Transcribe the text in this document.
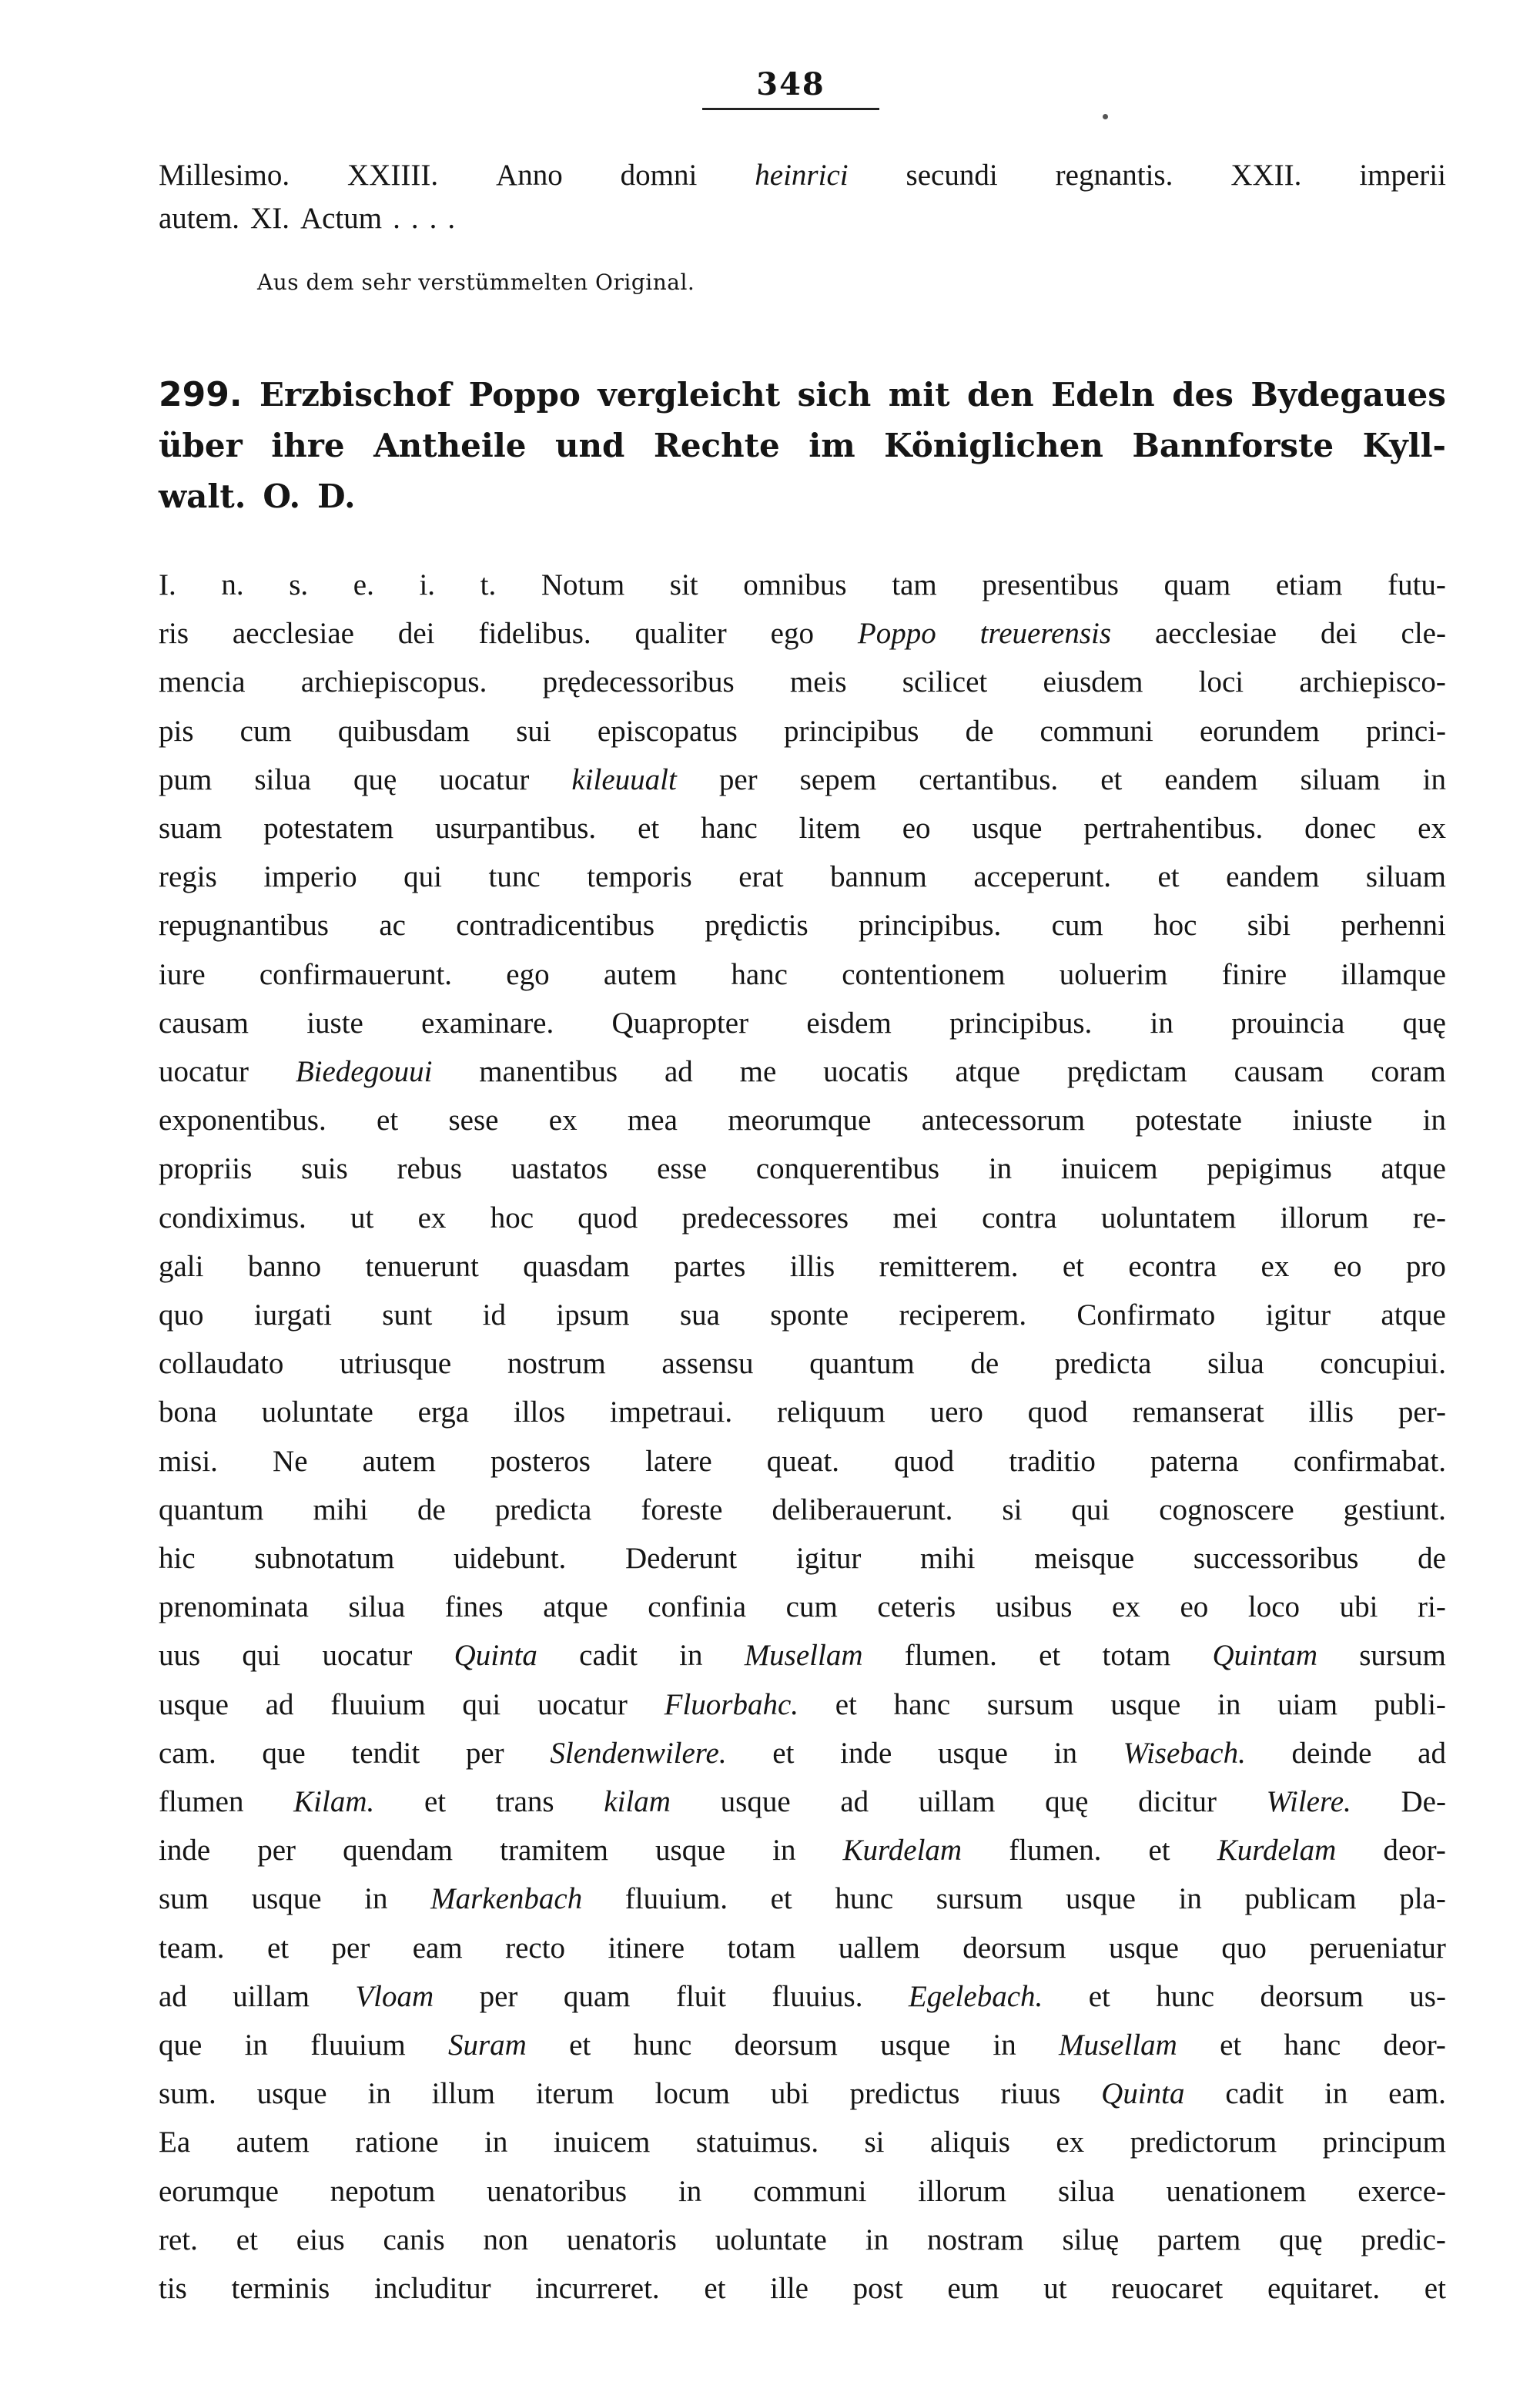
348
Millesimo. XXIIII. Anno domni heinrici secundi regnantis. XXII. imperii
autem. XI. Actum . . . .
Aus dem sehr verstümmelten Original.
299. Erzbischof Poppo vergleicht sich mit den Edeln des Bydegaues
über ihre Antheile und Rechte im Königlichen Bannforste Kyll-
walt. O. D.
I. n. s. e. i. t. Notum sit omnibus tam presentibus quam etiam futu-
ris aecclesiae dei fidelibus. qualiter ego Poppo treuerensis aecclesiae dei cle-
mencia archiepiscopus. prędecessoribus meis scilicet eiusdem loci archiepisco-
pis cum quibusdam sui episcopatus principibus de communi eorundem princi-
pum silua quę uocatur kileuualt per sepem certantibus. et eandem siluam in
suam potestatem usurpantibus. et hanc litem eo usque pertrahentibus. donec ex
regis imperio qui tunc temporis erat bannum acceperunt. et eandem siluam
repugnantibus ac contradicentibus prędictis principibus. cum hoc sibi perhenni
iure confirmauerunt. ego autem hanc contentionem uoluerim finire illamque
causam iuste examinare. Quapropter eisdem principibus. in prouincia quę
uocatur Biedegouui manentibus ad me uocatis atque prędictam causam coram
exponentibus. et sese ex mea meorumque antecessorum potestate iniuste in
propriis suis rebus uastatos esse conquerentibus in inuicem pepigimus atque
condiximus. ut ex hoc quod predecessores mei contra uoluntatem illorum re-
gali banno tenuerunt quasdam partes illis remitterem. et econtra ex eo pro
quo iurgati sunt id ipsum sua sponte reciperem. Confirmato igitur atque
collaudato utriusque nostrum assensu quantum de predicta silua concupiui.
bona uoluntate erga illos impetraui. reliquum uero quod remanserat illis per-
misi. Ne autem posteros latere queat. quod traditio paterna confirmabat.
quantum mihi de predicta foreste deliberauerunt. si qui cognoscere gestiunt.
hic subnotatum uidebunt. Dederunt igitur mihi meisque successoribus de
prenominata silua fines atque confinia cum ceteris usibus ex eo loco ubi ri-
uus qui uocatur Quinta cadit in Musellam flumen. et totam Quintam sursum
usque ad fluuium qui uocatur Fluorbahc. et hanc sursum usque in uiam publi-
cam. que tendit per Slendenwilere. et inde usque in Wisebach. deinde ad
flumen Kilam. et trans kilam usque ad uillam quę dicitur Wilere. De-
inde per quendam tramitem usque in Kurdelam flumen. et Kurdelam deor-
sum usque in Markenbach fluuium. et hunc sursum usque in publicam pla-
team. et per eam recto itinere totam uallem deorsum usque quo perueniatur
ad uillam Vloam per quam fluit fluuius. Egelebach. et hunc deorsum us-
que in fluuium Suram et hunc deorsum usque in Musellam et hanc deor-
sum. usque in illum iterum locum ubi predictus riuus Quinta cadit in eam.
Ea autem ratione in inuicem statuimus. si aliquis ex predictorum principum
eorumque nepotum uenatoribus in communi illorum silua uenationem exerce-
ret. et eius canis non uenatoris uoluntate in nostram siluę partem quę predic-
tis terminis includitur incurreret. et ille post eum ut reuocaret equitaret. et
